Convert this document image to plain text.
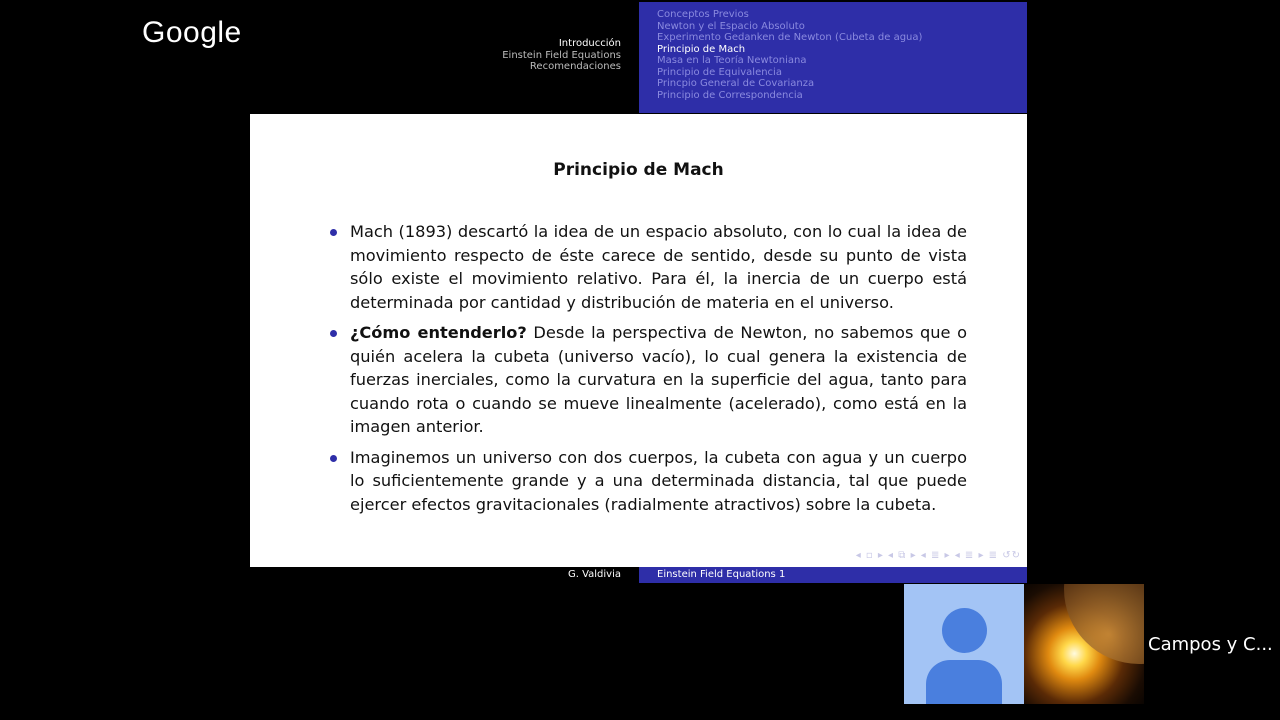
Google	Introducción
Einstein Field Equations
Recomendaciones
Conceptos Previos
Newton y el Espacio Absoluto
Experimento Gedanken de Newton (Cubeta de agua)
Principio de Mach
Masa en la Teoría Newtoniana
Principio de Equivalencia
Princpio General de Covarianza
Principio de Correspondencia
Principio de Mach
Mach (1893) descartó la idea de un espacio absoluto, con lo cual la idea de movimiento respecto de éste carece de sentido, desde su punto de vista sólo existe el movimiento relativo. Para él, la inercia de un cuerpo está determinada por cantidad y distribución de materia en el universo.
¿Cómo entenderlo? Desde la perspectiva de Newton, no sabemos que o quién acelera la cubeta (universo vacío), lo cual genera la existencia de fuerzas inerciales, como la curvatura en la superficie del agua, tanto para cuando rota o cuando se mueve linealmente (acelerado), como está en la imagen anterior.
Imaginemos un universo con dos cuerpos, la cubeta con agua y un cuerpo lo suficientemente grande y a una determinada distancia, tal que puede ejercer efectos gravitacionales (radialmente atractivos) sobre la cubeta.
◂ ▫ ▸ ◂ ⧉ ▸ ◂ ≣ ▸ ◂ ≣ ▸ ≣ ↺↻
G. Valdivia	Einstein Field Equations 1
Campos y C...
